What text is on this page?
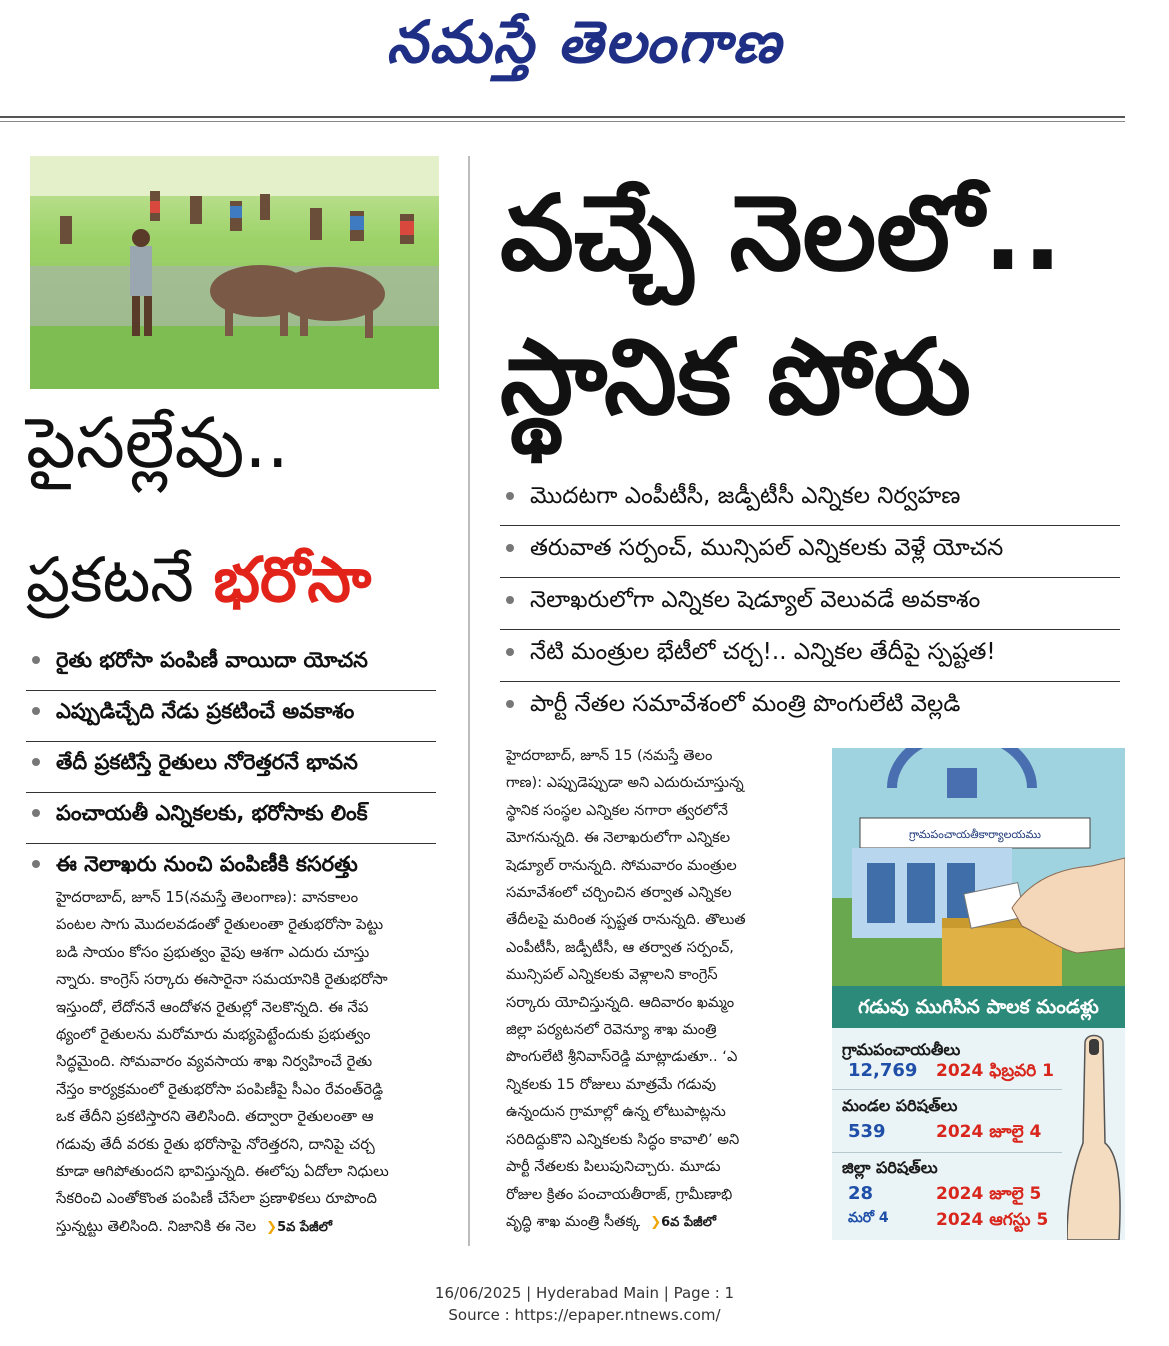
నమస్తే తెలంగాణ
పైసల్లేవు..
ప్రకటనే భరోసా
రైతు భరోసా పంపిణీ వాయిదా యోచన
ఎప్పుడిచ్చేది నేడు ప్రకటించే అవకాశం
తేదీ ప్రకటిస్తే రైతులు నోరెత్తరనే భావన
పంచాయతీ ఎన్నికలకు, భరోసాకు లింక్
ఈ నెలాఖరు నుంచి పంపిణీకి కసరత్తు
హైదరాబాద్, జూన్ 15(నమస్తే తెలంగాణ): వానకాలం
పంటల సాగు మొదలవడంతో రైతులంతా రైతుభరోసా పెట్టు
బడి సాయం కోసం ప్రభుత్వం వైపు ఆశగా ఎదురు చూస్తు
న్నారు. కాంగ్రెస్ సర్కారు ఈసారైనా సమయానికి రైతుభరోసా
ఇస్తుందో, లేదోననే ఆందోళన రైతుల్లో నెలకొన్నది. ఈ నేప
థ్యంలో రైతులను మరోమారు మభ్యపెట్టేందుకు ప్రభుత్వం
సిద్ధమైంది. సోమవారం వ్యవసాయ శాఖ నిర్వహించే రైతు
నేస్తం కార్యక్రమంలో రైతుభరోసా పంపిణీపై సీఎం రేవంత్‌రెడ్డి
ఒక తేదీని ప్రకటిస్తారని తెలిసింది. తద్వారా రైతులంతా ఆ
గడువు తేదీ వరకు రైతు భరోసాపై నోరెత్తరని, దానిపై చర్చ
కూడా ఆగిపోతుందని భావిస్తున్నది. ఈలోపు ఏదోలా నిధులు
సేకరించి ఎంతోకొంత పంపిణీ చేసేలా ప్రణాళికలు రూపొంది
స్తున్నట్టు తెలిసింది. నిజానికి ఈ నెల ❯5వ పేజీలో
వచ్చే నెలలో..
స్థానిక పోరు
మొదటగా ఎంపీటీసీ, జడ్పీటీసీ ఎన్నికల నిర్వహణ
తరువాత సర్పంచ్, మున్సిపల్ ఎన్నికలకు వెళ్లే యోచన
నెలాఖరులోగా ఎన్నికల షెడ్యూల్ వెలువడే అవకాశం
నేటి మంత్రుల భేటీలో చర్చ!.. ఎన్నికల తేదీపై స్పష్టత!
పార్టీ నేతల సమావేశంలో మంత్రి పొంగులేటి వెల్లడి
హైదరాబాద్, జూన్ 15 (నమస్తే తెలం
గాణ): ఎప్పుడెప్పుడా అని ఎదురుచూస్తున్న
స్థానిక సంస్థల ఎన్నికల నగారా త్వరలోనే
మోగనున్నది. ఈ నెలాఖరులోగా ఎన్నికల
షెడ్యూల్ రానున్నది. సోమవారం మంత్రుల
సమావేశంలో చర్చించిన తర్వాత ఎన్నికల
తేదీలపై మరింత స్పష్టత రానున్నది. తొలుత
ఎంపీటీసీ, జడ్పీటీసీ, ఆ తర్వాత సర్పంచ్,
మున్సిపల్ ఎన్నికలకు వెళ్లాలని కాంగ్రెస్
సర్కారు యోచిస్తున్నది. ఆదివారం ఖమ్మం
జిల్లా పర్యటనలో రెవెన్యూ శాఖ మంత్రి
పొంగులేటి శ్రీనివాస్‌రెడ్డి మాట్లాడుతూ.. ‘ఎ
న్నికలకు 15 రోజులు మాత్రమే గడువు
ఉన్నందున గ్రామాల్లో ఉన్న లోటుపాట్లను
సరిదిద్దుకొని ఎన్నికలకు సిద్ధం కావాలి’ అని
పార్టీ నేతలకు పిలుపునిచ్చారు. మూడు
రోజుల క్రితం పంచాయతీరాజ్, గ్రామీణాభి
వృద్ధి శాఖ మంత్రి సీతక్క ❯6వ పేజీలో
గ్రామపంచాయతీకార్యాలయము
గడువు ముగిసిన పాలక మండళ్లు
గ్రామపంచాయతీలు
12,769 2024 ఫిబ్రవరి 1
మండల పరిషత్‌లు
539	2024 జూలై 4
జిల్లా పరిషత్‌లు
28	2024 జూలై 5
మరో 4	2024 ఆగస్టు 5
16/06/2025 | Hyderabad Main | Page : 1
Source : https://epaper.ntnews.com/
